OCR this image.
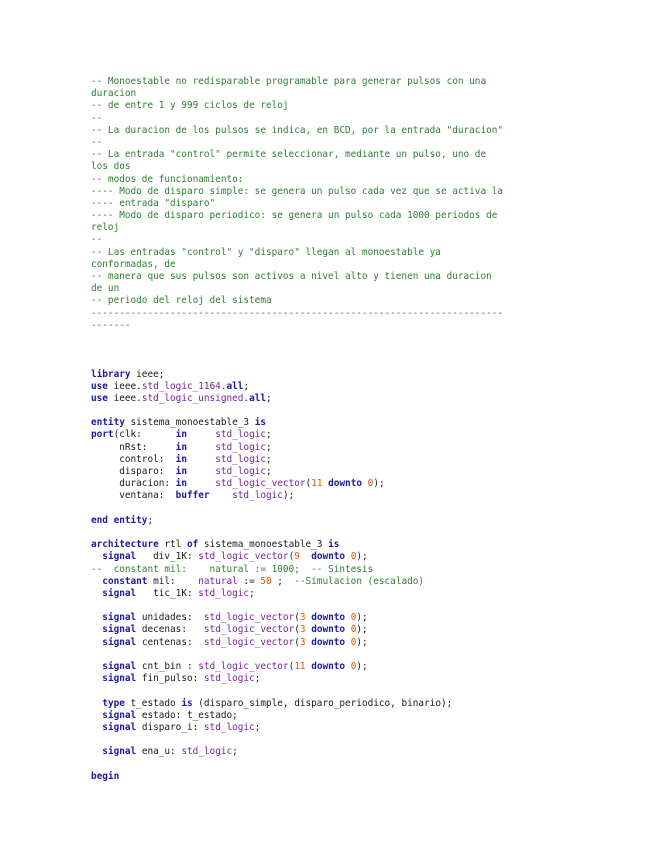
-- Monoestable no redisparable programable para generar pulsos con una
duracion
-- de entre 1 y 999 ciclos de reloj
--
-- La duracion de los pulsos se indica, en BCD, por la entrada "duracion"
--
-- La entrada "control" permite seleccionar, mediante un pulso, uno de
los dos
-- modos de funcionamiento:
---- Modo de disparo simple: se genera un pulso cada vez que se activa la
---- entrada "disparo"
---- Modo de disparo periodico: se genera un pulso cada 1000 periodos de
reloj
--
-- Las entradas "control" y "disparo" llegan al monoestable ya
conformadas, de
-- manera que sus pulsos son activos a nivel alto y tienen una duracion
de un
-- periodo del reloj del sistema
-------------------------------------------------------------------------
-------

library ieee;
use ieee.std_logic_1164.all;
use ieee.std_logic_unsigned.all;

entity sistema_monoestable_3 is
port(clk:      in	std_logic;
nRst:     in	std_logic;
control:  in	std_logic;
disparo:  in	std_logic;
duracion: in	std_logic_vector(11 downto 0);
ventana:  buffer std_logic);

end entity;

architecture rtl of sistema_monoestable_3 is
signal   div_1K: std_logic_vector(9 downto 0);
--  constant mil:    natural := 1000;  -- Sintesis
constant mil:    natural := 50 ;  --Simulacion (escalado)
signal   tic_1K: std_logic;

signal unidades:  std_logic_vector(3 downto 0);
signal decenas:   std_logic_vector(3 downto 0);
signal centenas:  std_logic_vector(3 downto 0);

signal cnt_bin : std_logic_vector(11 downto 0);
signal fin_pulso: std_logic;

type t_estado is (disparo_simple, disparo_periodico, binario);
signal estado: t_estado;
signal disparo_i: std_logic;

signal ena_u: std_logic;

begin
